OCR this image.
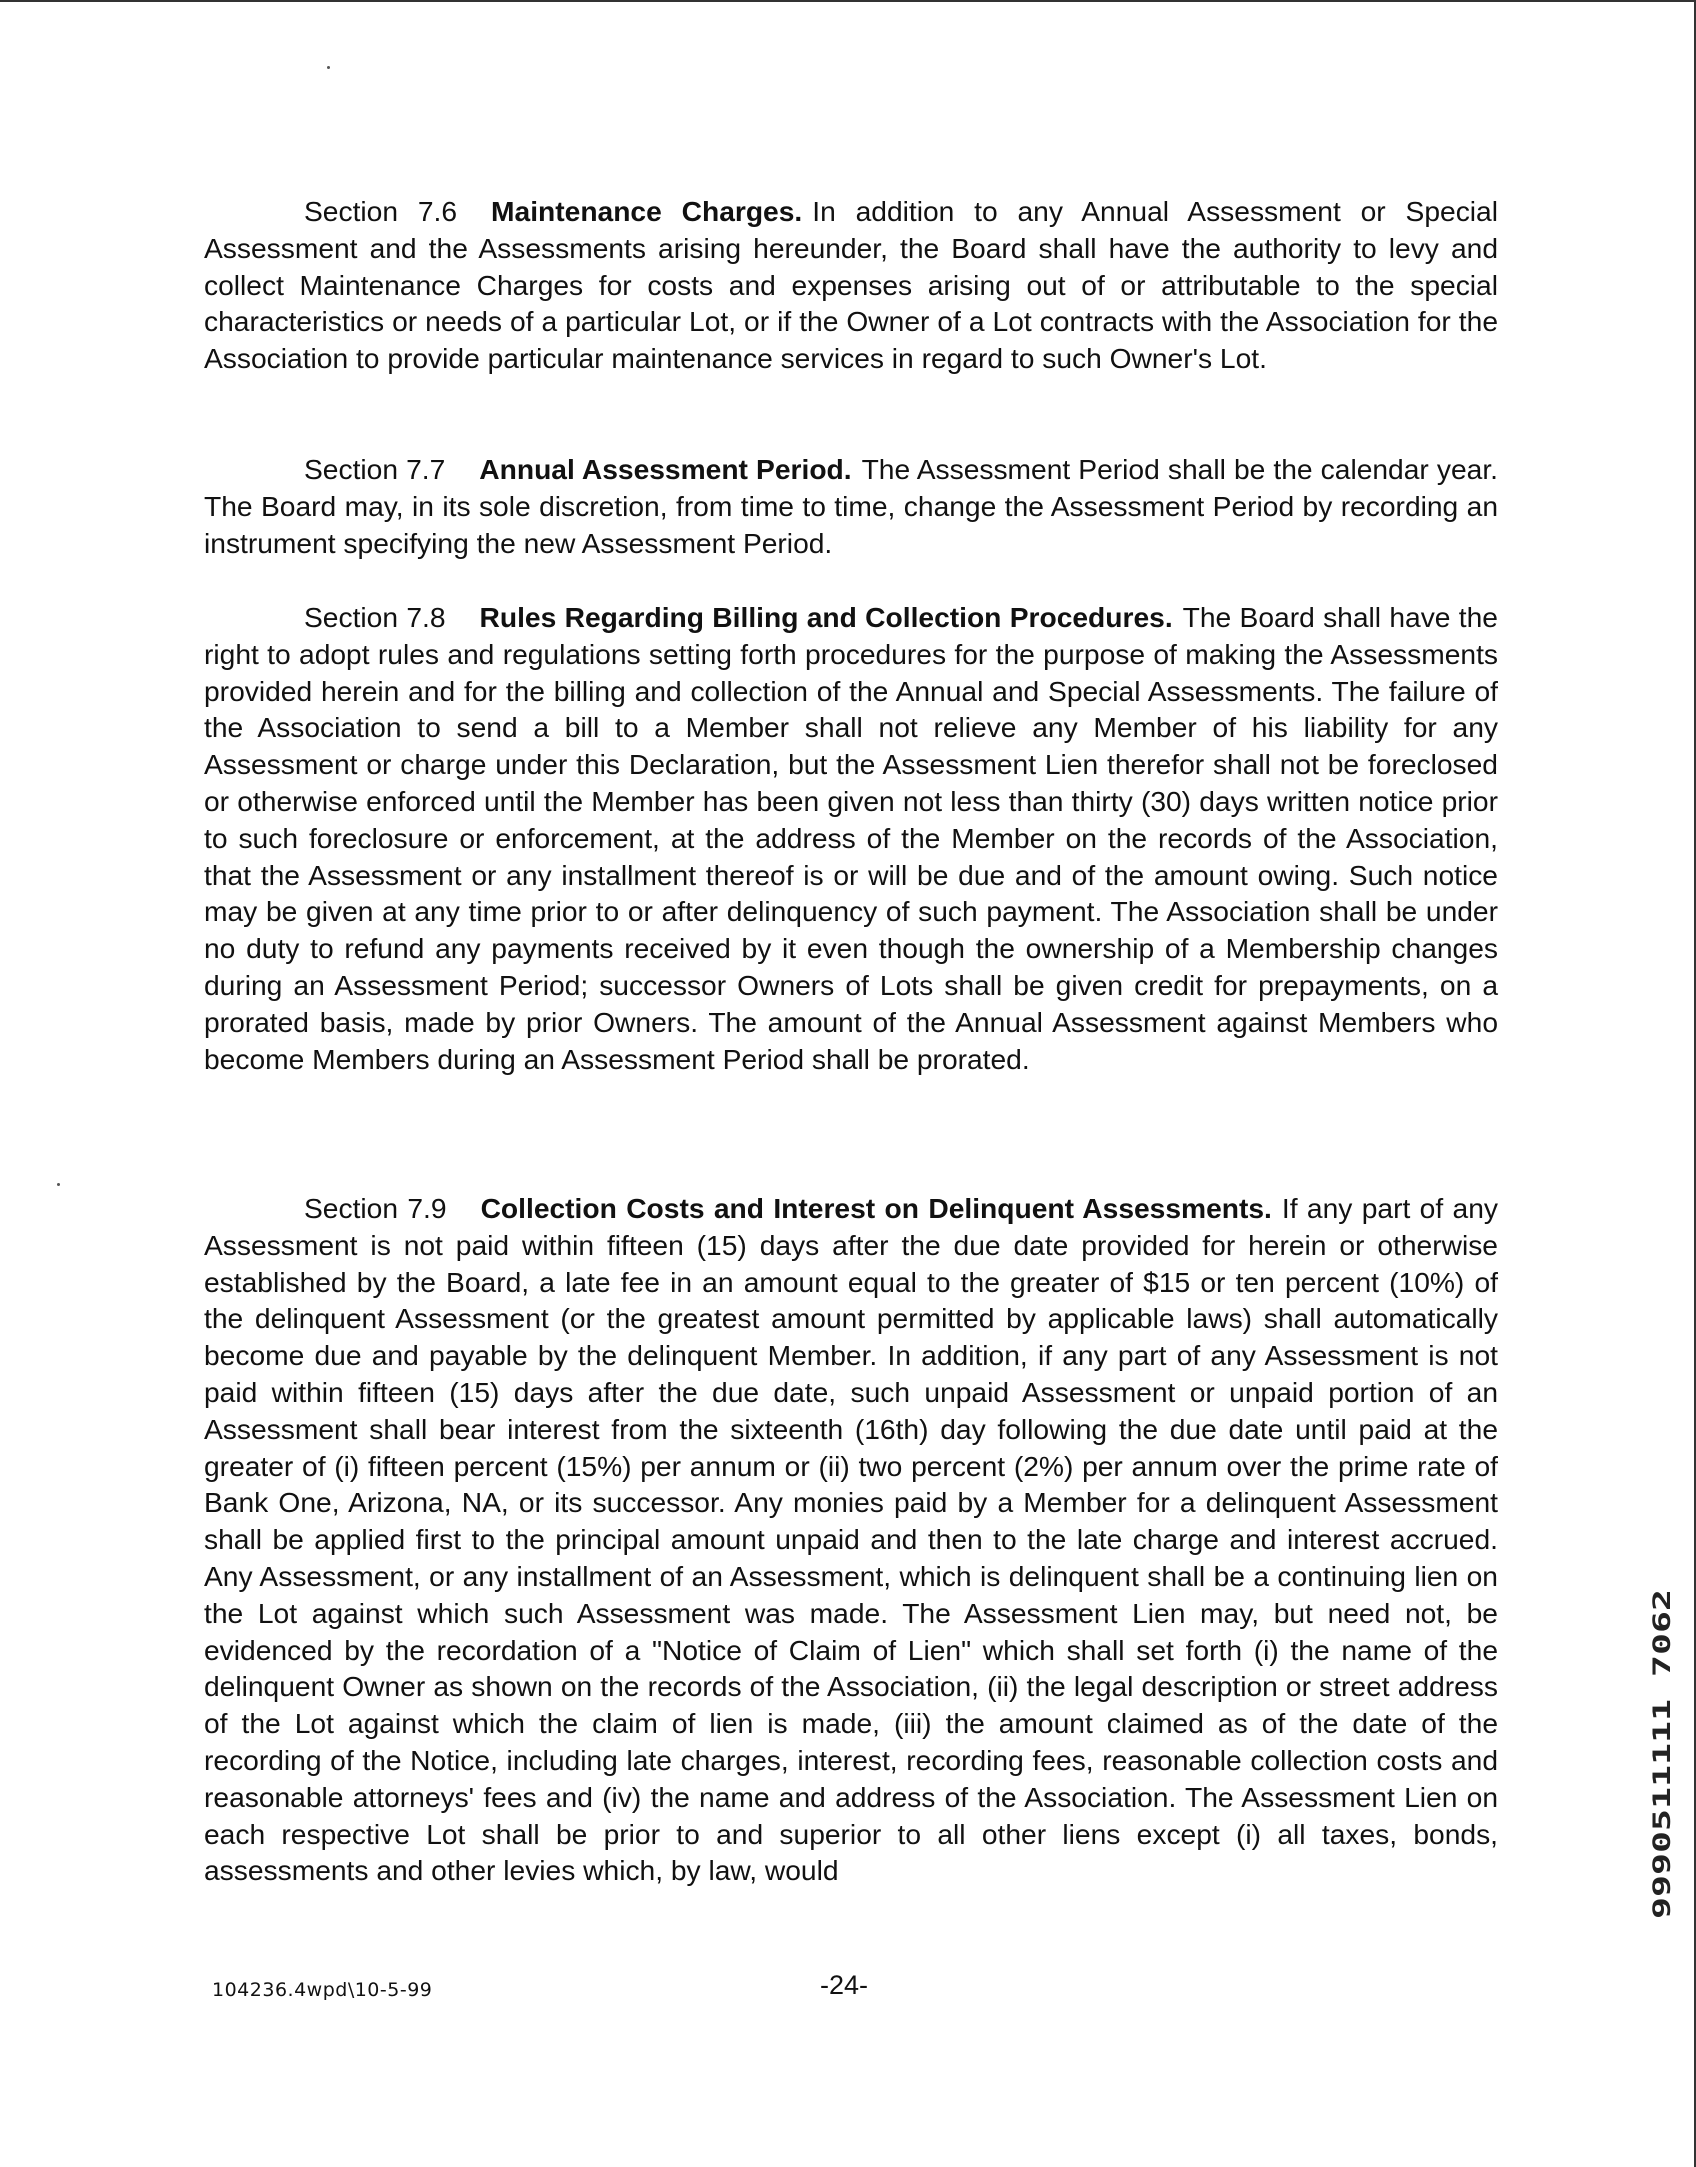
Section 7.6 Maintenance Charges. In addition to any Annual Assessment or Special Assessment and the Assessments arising hereunder, the Board shall have the authority to levy and collect Maintenance Charges for costs and expenses arising out of or attributable to the special characteristics or needs of a particular Lot, or if the Owner of a Lot contracts with the Association for the Association to provide particular maintenance services in regard to such Owner's Lot.

Section 7.7 Annual Assessment Period. The Assessment Period shall be the calendar year. The Board may, in its sole discretion, from time to time, change the Assessment Period by recording an instrument specifying the new Assessment Period.

Section 7.8 Rules Regarding Billing and Collection Procedures. The Board shall have the right to adopt rules and regulations setting forth procedures for the purpose of making the Assessments provided herein and for the billing and collection of the Annual and Special Assessments. The failure of the Association to send a bill to a Member shall not relieve any Member of his liability for any Assessment or charge under this Declaration, but the Assessment Lien therefor shall not be foreclosed or otherwise enforced until the Member has been given not less than thirty (30) days written notice prior to such foreclosure or enforcement, at the address of the Member on the records of the Association, that the Assessment or any installment thereof is or will be due and of the amount owing. Such notice may be given at any time prior to or after delinquency of such payment. The Association shall be under no duty to refund any payments received by it even though the ownership of a Membership changes during an Assessment Period; successor Owners of Lots shall be given credit for prepayments, on a prorated basis, made by prior Owners. The amount of the Annual Assessment against Members who become Members during an Assessment Period shall be prorated.

Section 7.9 Collection Costs and Interest on Delinquent Assessments. If any part of any Assessment is not paid within fifteen (15) days after the due date provided for herein or otherwise established by the Board, a late fee in an amount equal to the greater of $15 or ten percent (10%) of the delinquent Assessment (or the greatest amount permitted by applicable laws) shall automatically become due and payable by the delinquent Member. In addition, if any part of any Assessment is not paid within fifteen (15) days after the due date, such unpaid Assessment or unpaid portion of an Assessment shall bear interest from the sixteenth (16th) day following the due date until paid at the greater of (i) fifteen percent (15%) per annum or (ii) two percent (2%) per annum over the prime rate of Bank One, Arizona, NA, or its successor. Any monies paid by a Member for a delinquent Assessment shall be applied first to the principal amount unpaid and then to the late charge and interest accrued. Any Assessment, or any installment of an Assessment, which is delinquent shall be a continuing lien on the Lot against which such Assessment was made. The Assessment Lien may, but need not, be evidenced by the recordation of a "Notice of Claim of Lien" which shall set forth (i) the name of the delinquent Owner as shown on the records of the Association, (ii) the legal description or street address of the Lot against which the claim of lien is made, (iii) the amount claimed as of the date of the recording of the Notice, including late charges, interest, recording fees, reasonable collection costs and reasonable attorneys' fees and (iv) the name and address of the Association. The Assessment Lien on each respective Lot shall be prior to and superior to all other liens except (i) all taxes, bonds, assessments and other levies which, by law, would

104236.4wpd\10-5-99	-24-
9990511111 7062
